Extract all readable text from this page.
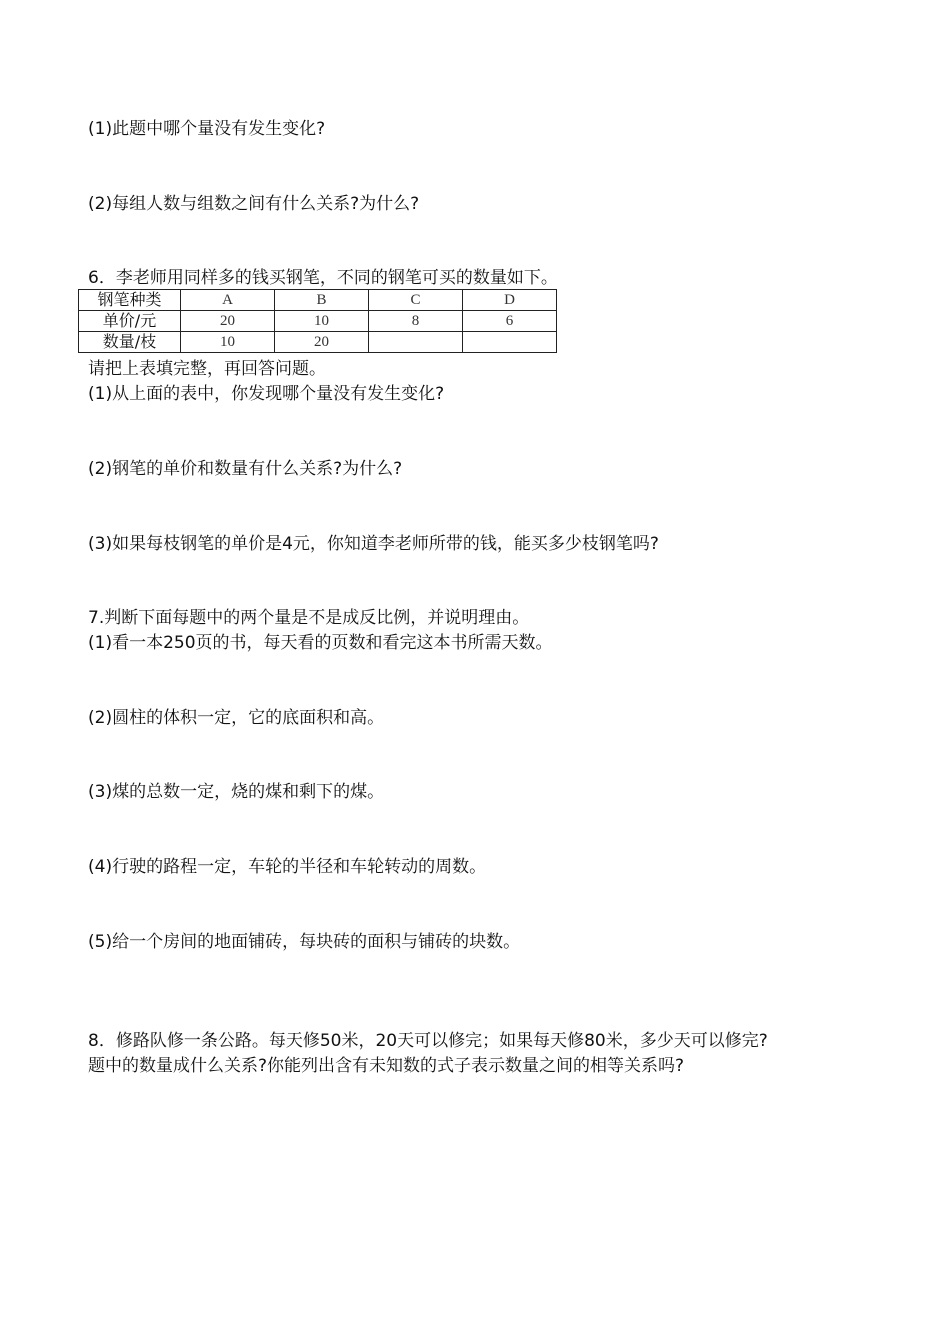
(1)此题中哪个量没有发生变化?
(2)每组人数与组数之间有什么关系?为什么?
6．李老师用同样多的钱买钢笔，不同的钢笔可买的数量如下。
钢笔种类	A	B	C	D
单价/元	20	10	8	6
数量/枝	10	20		
请把上表填完整，再回答问题。
(1)从上面的表中，你发现哪个量没有发生变化?
(2)钢笔的单价和数量有什么关系?为什么?
(3)如果每枝钢笔的单价是4元，你知道李老师所带的钱，能买多少枝钢笔吗?
7.判断下面每题中的两个量是不是成反比例，并说明理由。
(1)看一本250页的书，每天看的页数和看完这本书所需天数。
(2)圆柱的体积一定，它的底面积和高。
(3)煤的总数一定，烧的煤和剩下的煤。
(4)行驶的路程一定，车轮的半径和车轮转动的周数。
(5)给一个房间的地面铺砖，每块砖的面积与铺砖的块数。
8．修路队修一条公路。每天修50米，20天可以修完；如果每天修80米，多少天可以修完?
题中的数量成什么关系?你能列出含有未知数的式子表示数量之间的相等关系吗?
